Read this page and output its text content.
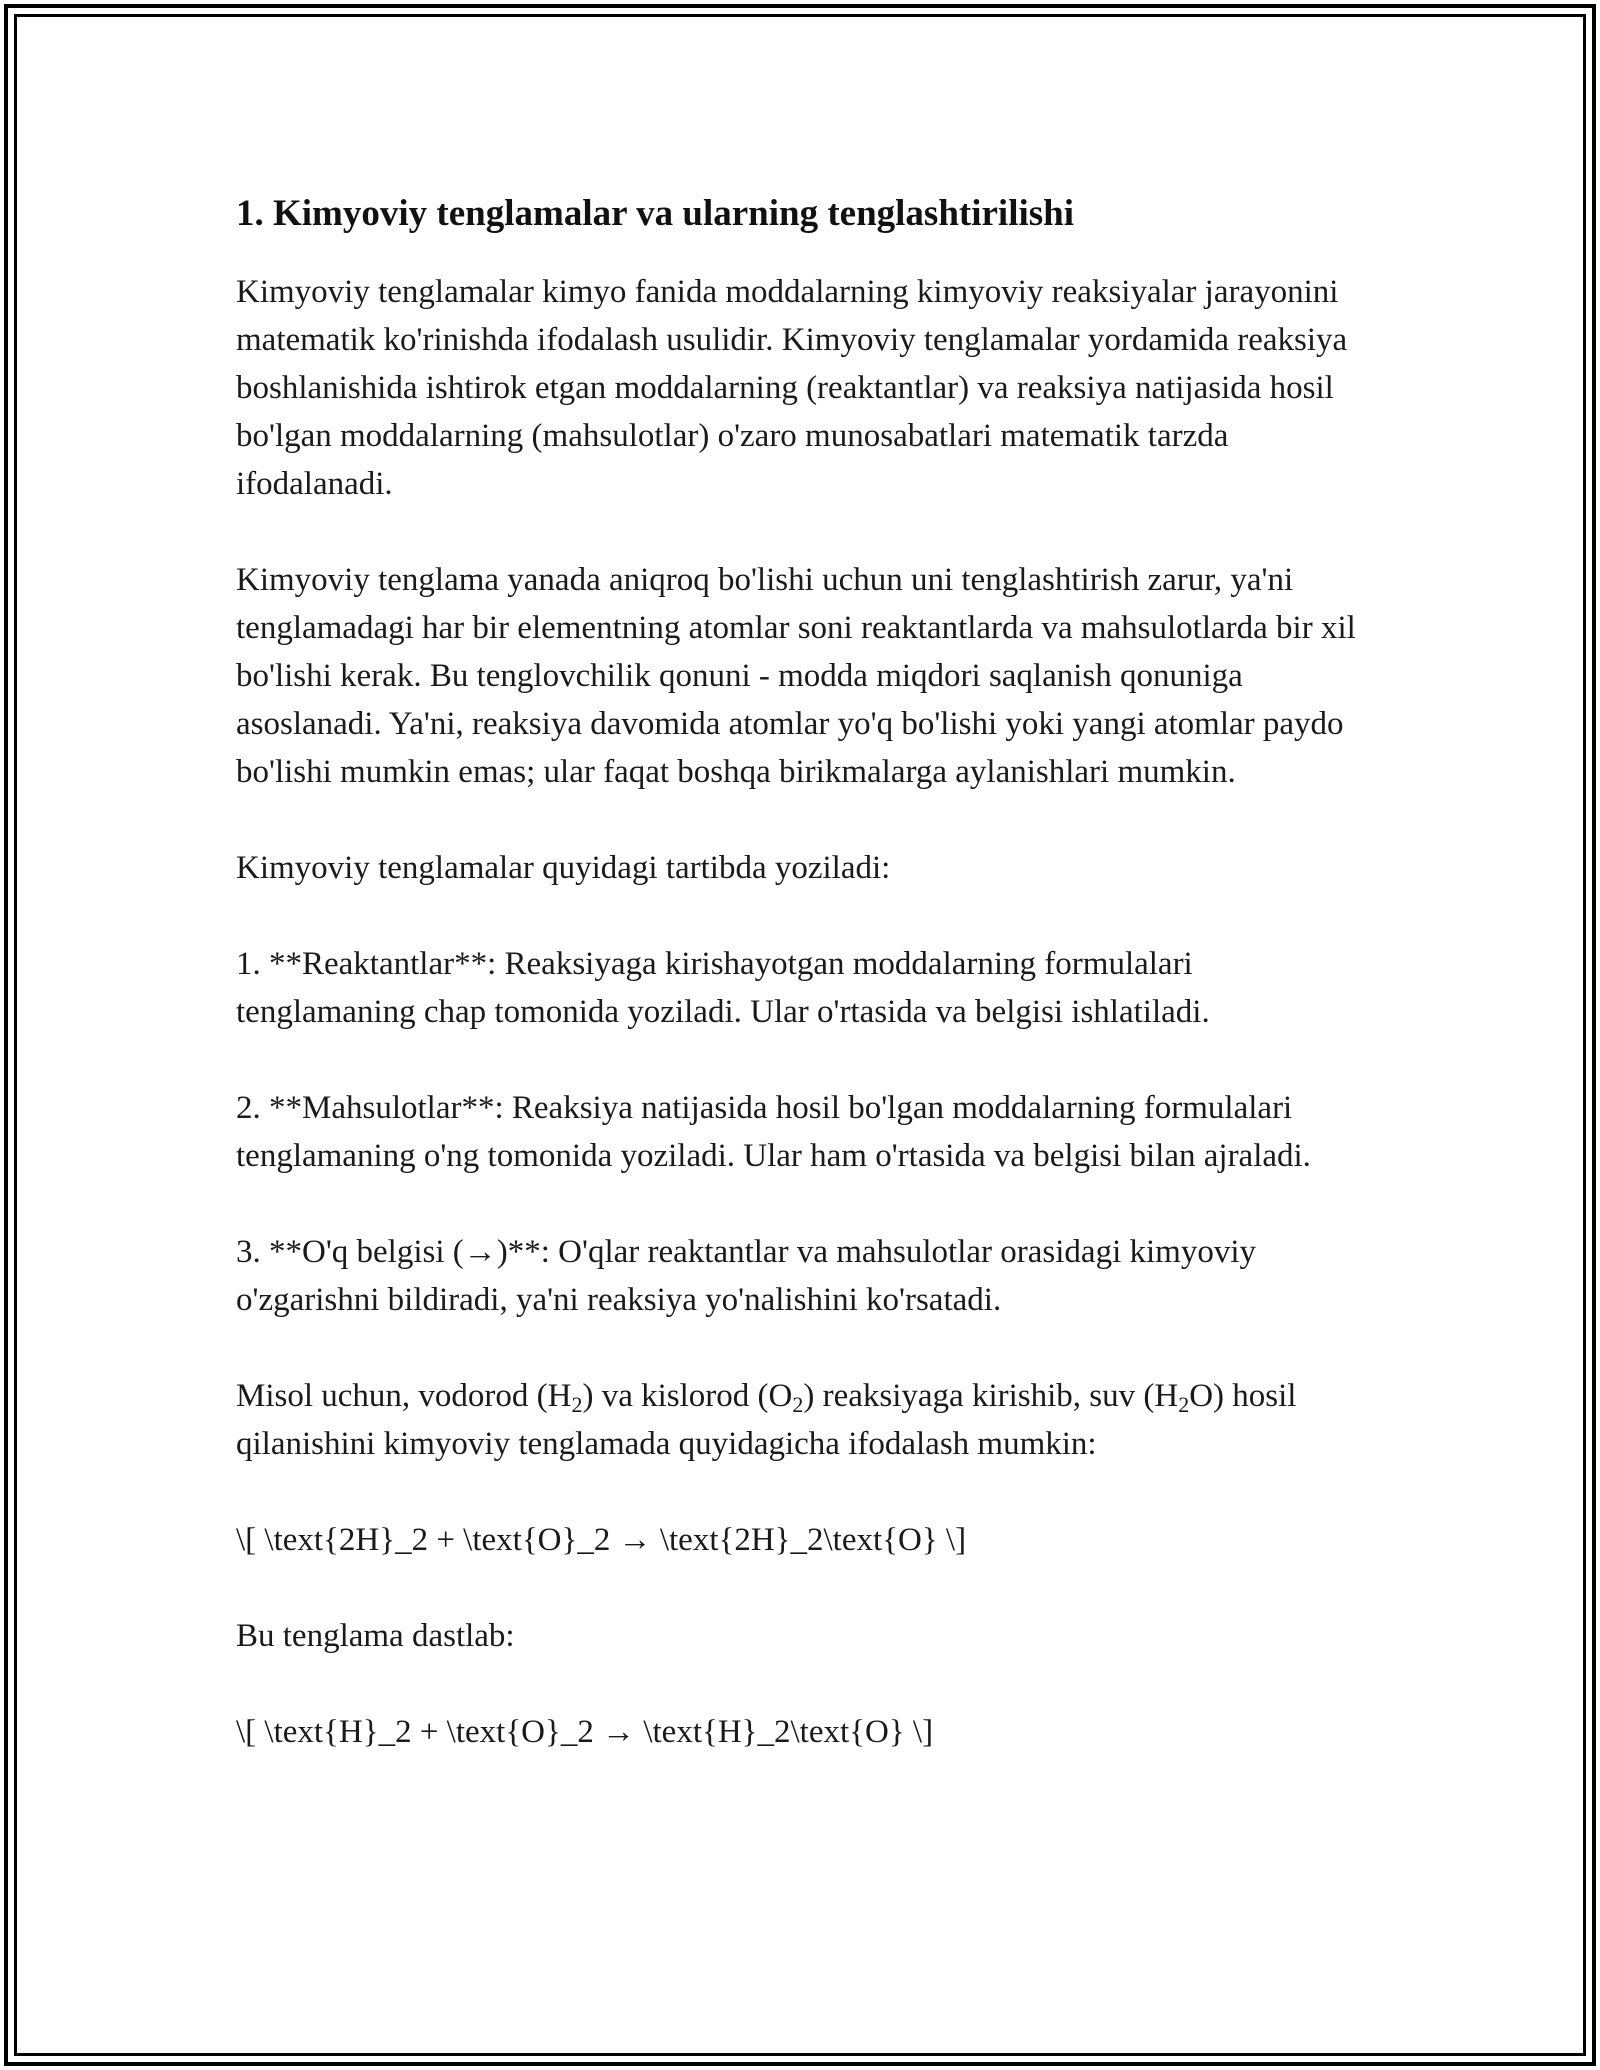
1. Kimyoviy tenglamalar va ularning tenglashtirilishi

Kimyoviy tenglamalar kimyo fanida moddalarning kimyoviy reaksiyalar jarayonini matematik ko'rinishda ifodalash usulidir. Kimyoviy tenglamalar yordamida reaksiya boshlanishida ishtirok etgan moddalarning (reaktantlar) va reaksiya natijasida hosil bo'lgan moddalarning (mahsulotlar) o'zaro munosabatlari matematik tarzda ifodalanadi.

Kimyoviy tenglama yanada aniqroq bo'lishi uchun uni tenglashtirish zarur, ya'ni tenglamadagi har bir elementning atomlar soni reaktantlarda va mahsulotlarda bir xil bo'lishi kerak. Bu tenglovchilik qonuni - modda miqdori saqlanish qonuniga asoslanadi. Ya'ni, reaksiya davomida atomlar yo'q bo'lishi yoki yangi atomlar paydo bo'lishi mumkin emas; ular faqat boshqa birikmalarga aylanishlari mumkin.

Kimyoviy tenglamalar quyidagi tartibda yoziladi:

1. **Reaktantlar**: Reaksiyaga kirishayotgan moddalarning formulalari tenglamaning chap tomonida yoziladi. Ular o'rtasida va belgisi ishlatiladi.

2. **Mahsulotlar**: Reaksiya natijasida hosil bo'lgan moddalarning formulalari tenglamaning o'ng tomonida yoziladi. Ular ham o'rtasida va belgisi bilan ajraladi.

3. **O'q belgisi (→)**: O'qlar reaktantlar va mahsulotlar orasidagi kimyoviy o'zgarishni bildiradi, ya'ni reaksiya yo'nalishini ko'rsatadi.

Misol uchun, vodorod $(H_2)$ va kislorod $(O_2)$ reaksiyaga kirishib, suv $(H_2O)$ hosil qilanishini kimyoviy tenglamada quyidagicha ifodalash mumkin:

\[ \text{2H}_2 + \text{O}_2 → \text{2H}_2\text{O} \]

Bu tenglama dastlab:

\[ \text{H}_2 + \text{O}_2 → \text{H}_2\text{O} \]
